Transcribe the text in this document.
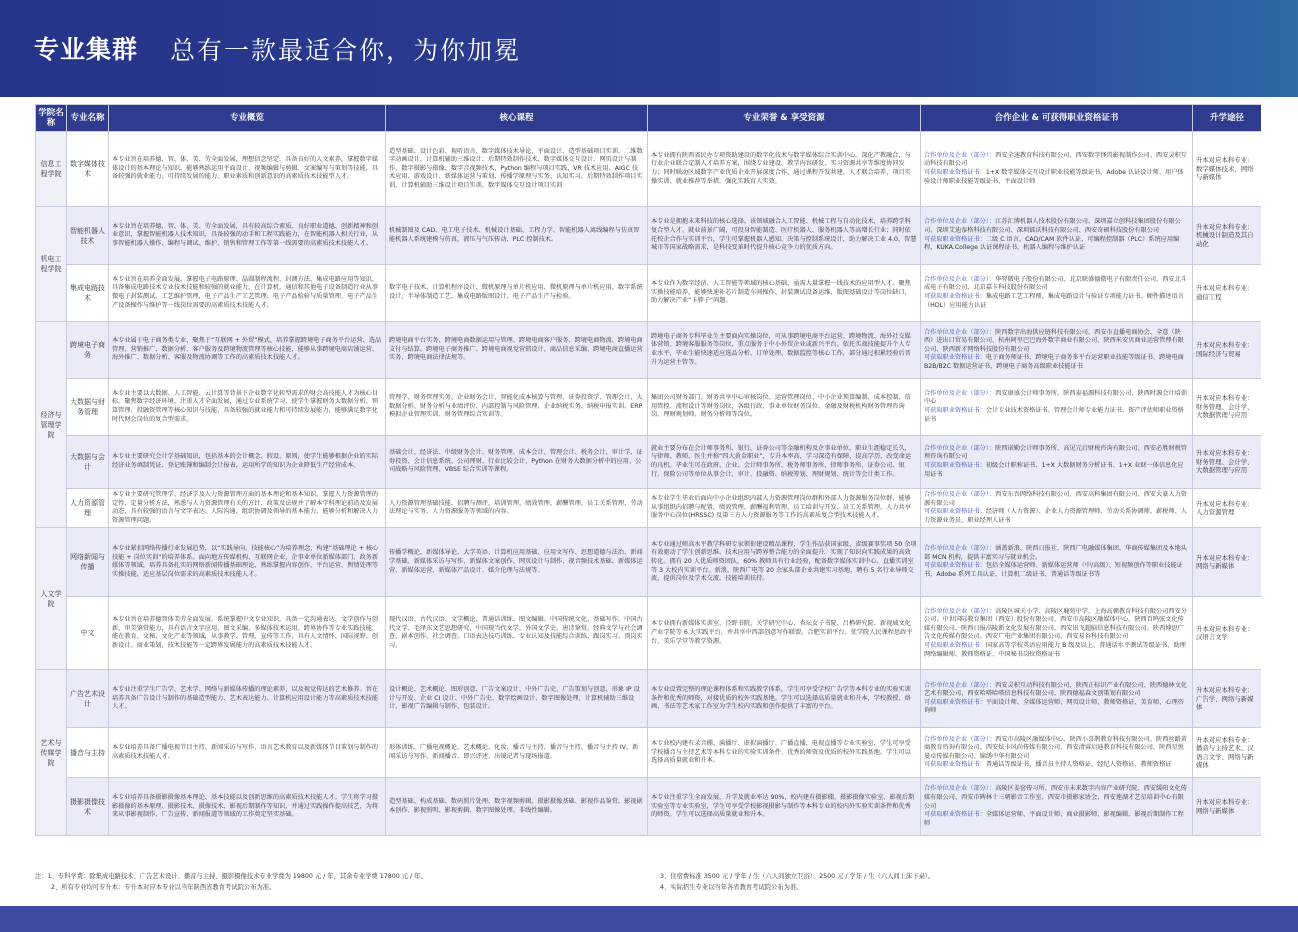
专业集群 总有一款最适合你，为你加冕
学院名称	专业名称	专业概览	核心课程	专业荣誉 & 享受资源	合作企业 & 可获得职业资格证书	升学途径
信息工程学院	数字媒体技术	本专业旨在培养德、智、体、美、劳全面发展，理想信念坚定，具备良好的人文素养，掌握数字媒体设计的基本理论与知识，能够熟练运用平面设计、视频编辑与剪辑、文案编写与策划等技能，具备较强的就业能力、可持续发展的能力、职业素质和创新意识的高素质技术技能型人才。	造型基础、设计色彩、视听语言、数字媒体技术导论、平面设计、造型基础项目实训、二维数字动画设计、计算机辅助三维设计、后期特效制作技术、数字媒体交互设计、网页设计与制作、数字摄影与摄像、数字音视频技术、Python 编程与项目实践、VR 技术应用、AIGC 技术应用、游戏设计、新媒体运营与策划、传播学原理与实务、认知实习、后期特效制作项目实训、计算机辅助三维设计项目实训、数字媒体交互设计项目实训	本专业拥有陕西省民办专项资助建设的数字化技术与数字媒体综合实训中心。深化产教融合，与行业企业联合定制人才培养方案，围绕专业建设、教学内容研发、实习资源共享等维度协同发力；同时联动区域数字产业优质企业开展深度合作，通过课程开发共建、人才联合培养、项目实操实训、就业推荐等举措，强化实践育人实效。	合作单位及企业（部分）：西安全速教育科技有限公司、西安数字怪兽影视制作公司、西安灵积互动科技有限公司
可获取职业资格证书：1+X 数字媒体交互设计职业技能等级证书、Adobe 认证设计师、用户体验设计师职业技能等级证书、平面设计师	升本对应本科专业：数字媒体技术、网络与新媒体
机电工程学院	智能机器人技术	本专业旨在培养德、智、体、美、劳全面发展，具有较高综合素质、良好职业道德、创新精神和创业意识，掌握智能机器人技术知识，具备较强的动手和工程实践能力，在智能机器人相关行业，从事智能机器人操作、编程与调试、维护、销售和管理工作等第一线需要的高素质技术技能人才。	机械制图及 CAD、电工电子技术、机械设计基础、工程力学、智能机器人离线编程与仿真智能机器人系统建模与仿真、液压与气压传动、PLC 控制技术。	本专业是拥抱未来科技的核心选择。该领域融合人工智能、机械工程与自动化技术，培养跨学科复合型人才。就业前景广阔，可投身智能制造、医疗机器人、服务机器人等高增长行业；同时依托校企合作与实训平台，学生可掌握机器人感知、决策与控制系统设计，助力解决工业 4.0、智慧城市等国家战略需求，是科技变革时代提升核心竞争力的优质方向。	合作单位及企业（部分）：江苏汇博机器人技术股份有限公司、深圳嘉立创科技集团股份有限公司、深圳艾迪泰格科技有限公司、深圳镭沃科技有限公司、西安奇硕科技股份有限公司
可获取职业资格证书：二级 C 语言、CAD/CAM 软件认证、可编程控制器（PLC）系统应用编程、KUKA.College 认证课程证书、机器人编程与维护认证	升本对应本科专业：机械设计制造及其自动化
	集成电路技术	本专业旨在培养全面发展，掌握电子电路原理、晶圆制程流程、封测方法、集成电路应用等知识，具备集成电路技术专业技术技能和较强的就业能力，在计算机、通信和其他电子设备制造行业从事微电子封装测试、工艺维护管理，电子产品生产工艺管理、电子产品检验与质量管理、电子产品生产设备操作与维护等一线岗位需要的高素质技术技能人才。	数字电子技术、计算机程序设计、微机原理与单片机应用、微机原理与单片机应用、数字系统设计、半导体制造工艺、集成电路版图设计、电子产品生产与检验。	本专业作为数字经济、人工智能等领域的核心基础，亟需大量掌握一线技术的应用型人才。聚焦实操技能培养，能够快速补芯片制造车间操作、封装测试设备运维、版图基础设计等岗位缺口，助力解决产业“卡脖子”问题。	合作单位及企业（部分）：华羿微电子股份有限公司、北京联盛德微电子有限责任公司、西安北斗成电子有限公司、北京嘉卡科技股份有限公司
可获取职业资格证书：集成电路工艺工程师、集成电路设计与验证专项能力证书、硬件描述语言（HDL）应用能力认证	升本对应本科专业：通信工程
经济与管理学院	跨境电子商务	本专业属于电子商务类专业，聚焦于“互联网 + 外贸”模式，培养掌握跨境电子商务平台运营、选品管理、营销推广、数据分析、客户服务及跨境物流管理等核心技能，能够从事跨境电商店铺运营、海外推广、数据分析、客服及物流协调等工作的高素质技术技能人才。	跨境电商平台实务、跨境电商数据运用与管理、跨境电商客户服务、跨境电商物流、跨境电商支付与结算、跨境电子商务推广、跨境电商视觉营销设计、商品信息采编、跨境电商直播运营实务、跨境电商法律法规等。	跨境电子商务专科毕业生主要面向实操岗位，可从事跨境电商平台运营、跨境物流、海外社交媒体营销、跨境客服服务等岗位，重点服务于中小外贸企业或新兴平台。依托实战技能提升个人专业水平，毕业生能快速适应选品分析、订单处理、数据监控等核心工作，部分通过积累经验后晋升为运营主管等。	合作单位及企业（部分）：陕西数字出海供应链科技有限公司、西安市直播电商协会、全意（陕西）进出口贸易有限公司、杭州阿里巴巴海外数字商业有限公司、陕西米安贝商业运营管理有限公司、陕西新才网络科技股份有限公司
可获取职业资格证书：电子商务师证书、跨境电子商务多平台运营职业技能等级证书、跨境电商 B2B/B2C 数据运营证书、跨境电子商务高级职业技能证书	升本对应本科专业：国际经济与贸易
	大数据与财务管理	本专业主要以大数据、人工智能、云计算等背景下企业数字化转型需求的财会高技能人才为核心目标。聚焦数字经济环境，注重人才全面发展，通过专业系统学习，使学生掌握财务大数据分析、预算管理、投融资管理等核心知识与技能，具备较强的就业能力和可持续发展能力，能够满足数字化时代财会岗位的复合型需求。	管理学、财务管理实务、企业财务会计、智能化成本核算与管理、证券投资学、管理会计、大数据分析、财务分析与业绩评价、内部控制与风险管理、企业纳税实务、纳税申报实训、ERP 模拟企业管理实训、财务管理综合实训等。	集团公司财务部门、财务共享中心审核岗位、运营管理岗位、中小企业预算编制、成本控制、信用管控、流程设计等财务岗位、各级行政、事业单位财务岗位、金融及财税机构财务管理咨询岗、理财规划师、财务分析师等岗位。	合作单位及企业（部分）：西安康盛会计师事务所、陕西泰福源科技有限公司、陕西时源会计培训中心
可获取职业资格证书：会计专业技术资格证书、管理会计师专业能力证书、资产评估师职业资格证书	升本对应本科专业：财务管理、会计学、大数据管理与应用
	大数据与会计	本专业主要研究会计学基础知识，包括基本的会计概念、假设、原则，使学生能够根据企业的实际经济业务填制凭证、登记账簿和编制会计报表，运用所学的知识为企业降低生产经营成本。	基础会计、经济法、中级财务会计、财务管理、成本会计、管理会计、税务会计、审计学、证券投资、会计信息系统、公司理财、行业比较会计、Python 在财务大数据分析中的应用、公司战略与风险管理、VBSE 综合实训等课程。	就业主要分布在会计师事务所、银行、证券公司等金融机构及企事业单位，职业生涯稳定长久，与律师、教师、医生并称“四大黄金职业”，专升本率高，学习深造有保障，提高学历、改变命运的良机。毕业生可在政府、企业、会计师事务所、税务师事务所、律师事务所、证券公司、银行、保险公司等单位从事会计、审计、投融资、纳税筹划、理财规划、统计等会计类工作。	合作单位及企业（部分）：陕西诺勤会计师事务所、高见元启财税咨询有限公司、西安必胜财税管理咨询有限公司
可获取职业资格证书：初级会计职称证书、1+X 大数据财务分析证书、1+X 业财一体信息化应用证书	升本对应本科专业：财务管理、会计学、大数据管理与应用
	人力资源管理	本专业主要研究管理学、经济学及人力资源管理方面的基本理论和基本知识，掌握人力资源管理的定性、定量分析方法，熟悉与人力资源管理有关的方针、政策及法规并了解本学科理论前沿及发展动态，具有较强的语言与文字表达、人际沟通、组织协调及领导的基本能力，能够分析和解决人力资源管理问题。	人力资源管理基础技能、招聘与测评、培训管理、绩效管理、薪酬管理、员工关系管理、劳动法理论与实务、人力资源服务等领域的内容。	本专业学生毕业后面向中小企业组织内部人力资源管理岗位群和外部人力资源服务岗位群，能够从事组织内招聘与配置、绩效管理、薪酬福利管理、员工培训与开发、员工关系管理、人力共享服务中心岗位(HRSSC) 及第三方人力资源服务等工作的高素质复合型技术技能人才。	合作单位及企业（部分）：西安东吾网络科技有限公司、西安高科集团有限公司、西安大豪人力资源有限公司
可获取职业资格证书：经济师（人力资源）、企业人力资源管理师、劳动关系协调师、薪税师、人力资源业务员、职业经理人证书	升本对应本科专业：人力资源管理
人文学院	网络新闻与传播	本专业紧扣网络传播行业发展趋势，以“实践导向、技能核心”为培养理念，构建“基础理论 + 核心技能 + 岗位实训”的培养体系。面向地方传媒机构、互联网企业、企事业单位新媒体部门、政务新媒体等领域，培养具备扎实的网络新闻传播基础理论，熟练掌握内容创作、平台运营、舆情处理等实操技能，适应基层岗位需求的高素质技术技能人才。	传播学概论、新媒体导论、大学英语、计算机应用基础、应用文写作、思想道德与法治、新闻学基础、新媒体采访与写作、新媒体文案创作、网页设计与制作、视音频技术基础、新媒体运营、新媒体运营、新媒体产品设计、媒介伦理与法规等。	本专业通过师高水平教学科研专家领衔建设精品课程，学生作品获国家级、省级赛事奖项 50 余项有效驱动了学生创新思维、技术应用与跨界整合能力的全面提升。实现了知识向实践成果的高效转化。拥有 20 人优质师资团队，60% 教师具有行业经验，配备数字媒体实训中心、直播实训室等 3 大校内实训平台。新浪、陕西广电等 20 余家头部企业共建实习基地，聘有 5 名行业导师交流，提供岗位及学术交流、技能培训扶持。	合作单位及企业（部分）：涵盖新浪、陕西日报社、陕西广电融媒体集团、华商传媒集团及本地头部 MCN 机构，提供丰富实习与就业机会。
可获取职业资格证书：包括全媒体运营师、新媒体运营师（中/高级）、短视频创作等职业技能证书，Adobe 系列工具认证、计算机二级证书、普通话等级证书等	升本对应本科专业：网络与新媒体
	中文	本专业旨在培养德智体美劳全面发展，系统掌握中文专业知识，具备一定沟通表达、文学创作与创新、审美鉴赏能力，具有语言文字应用、图文采编、多媒体技术运用、跨界协作等专业实践技能，能在教育、文秘、文化产业等领域，从事教学、管理、宣传等工作，具有人文情怀、国际视野、创新设计、商业策划、技术技能等一定跨界发展能力的高素质技术技能人才。	现代汉语、古代汉语、文学概论、普通话训练、图文编辑。中国传统文化、基础写作、中国古代文学、毛泽东文艺思想研究、中国现当代文学、外国文学史、唐诗鉴赏、经典文学与社会调查、剧本创作、社会调查、口语表达技巧训练、专业认知及技能综合训练、跟岗实习、顶岗实习。	本专业拥有新媒体实训室、泾野书院、关学研究中心、杏坛女子书院、吕柟研究院、新视域文化产业学院等 6 大实践平台，并共享中西部创意写作联盟、合肥实训平台、优学院人民课程思政平台、美乐学堂等教学资源。	合作单位及企业（部分）：高陵区城关小学、高陵区鹿苑中学、上海高顿教育科技有限公司西安分公司、中世国际教育集团（西安）股份有限公司、西安市高陵区融媒体中心、陕西百鸣弦文化传媒有限公司、陕西日报高陵新文化发展有限公司、西安讯飞超脑信息科技有限公司、陕西博思广告文化传媒有限公司、西安广电产业集团有限公司、西安易谷科技有限公司
可获取职业资格证书：国家高等学校英语应用能力 B 级及以上、普通话水平测试等级证书、助理网络编辑师、教师资格证、中国秘书岗位资格证书	升本对应本科专业：汉语言文学
艺术与传媒学院	广告艺术设计	本专业注重学生广告学、艺术学、网络与新媒体传播的理论素养，以及视觉传达的艺术修养。旨在培养具备广告设计与制作的基础造型能力、艺术表达能力、计算机应用设计能力等高素质技术技能人才。	设计概论、艺术概论、图形创意、广告文案设计、中外广告史、广告策划与创意、形象 IP 设计与开发、企业 CI 设计、中外广告史、数字绘画设计、数字图像处理、计算机辅助三维设计、影视广告编辑与制作、包装设计。	本专业设置完整的理论课程体系和实践教学体系，学生可享受学校广告学等本科专业的实验实训条件和优秀的师资，对接优质的校外实践基地。学生可以选择高质量就业和升本，学校教授、烙画、书法等艺术家工作室为学生校内实践和创作提供了丰富的平台。	合作单位及企业（部分）：西安灵积互动科技有限公司、陕西正标识产业有限公司、陕西德林文化艺术有限公司、西安哈嗒哈嗒信息科技有限公司、陕西德福森文创策划有限公司
可获取职业资格证书：平面设计师、全媒体运营师、网页设计师、教师资格证、美育师、心理咨询师	升本对应本科专业：广告学、网络与新媒体
	播音与主持	本专业培养具备广播电视节目主持、新闻采访与写作、语言艺术教育以及新媒体节目策划与制作的高素质技术技能人才。	形体训练、广播电视概论、艺术概论、化妆、播音与主持、播音与主持、播音与主持 IV、新闻采访与写作、新闻播音、即兴评述、出镜记者与现场报道。	本专业校内建有录音棚、演播厅、虚拟演播厅、广播直播、电视直播等专业实验室，学生可享受学校播音与主持艺术等本科专业的实验实训条件、优秀的师资及优质的校外实践基地。学生可以选择高质量就业和升本。	合作单位及企业（部分）：西安市高陵区融媒体中心、陕西小喜鹊教育科技有限公司、陕西丝路黄商教育咨询有限公司、西安炫卡风尚传媒有限公司、西安清睿启迪教育科技有限公司、陕西星悦曼卓传媒有限公司、锦绣中华有限公司
可获取职业资格证书：普通话等级证书、播音员主持人资格证、经纪人资格证、教师资格证	升本对应本科专业：播音与主持艺术、汉语言文学、网络与新媒体
	摄影摄像技术	本专业培养具备摄影摄像基本理论、基本技能以及创新思维的高素质技术技能人才。学生将学习摄影摄像的基本原理、摄影技术、摄像技术、影视后期制作等知识，并通过实践操作提高技艺，为将来从事影视制作、广告宣传、新闻报道等领域的工作奠定坚实基础。	造型基础、构成基础、数码照片处理、数字视频剪辑、摄影摄像基础、影视作品鉴赏、影视剧本创作、影视照明、影视剪辑、数字图像处理、非线性编辑。	本专业注重学生全面发展，升学及就业率达 90%，校内建有摄影棚、摄影摄像实验室、影视后期实验室等专业实验室，学生可享受学校影视摄影与制作等本科专业的校内外实验实训条件和优秀的师资。学生可以选择高质量就业和升本。	合作单位及企业（部分）：高陵区姜窑传习所、西安市未来数字内容产业研究院、西安缓阳文化传媒有限公司、西安市碑林十三朝影音工作室、西安市摄影家协会、西安莲湖才艺星培训中心有限公司
可获取职业资格证书：全媒体运营师、平面设计师、商业摄影师、影视编辑、影视后期制作工程师	升本对应本科专业：网络与新媒体
注：1、专科学费：除集成电路技术、广告艺术设计、播音与主持、摄影摄像技术专业学费为 19800 元 / 年，其余专业学费 17800 元 / 年。
2、所有专业均可专升本：专升本对应本专业以当年陕西省教育考试院公布为准。
3、住宿费标准 3500 元 / 学年 / 生（六人间独立卫浴）、2500 元 / 学年 / 生（六人间上床下桌）。
4、实际招生专业以当年各省教育考试院公布为准。
